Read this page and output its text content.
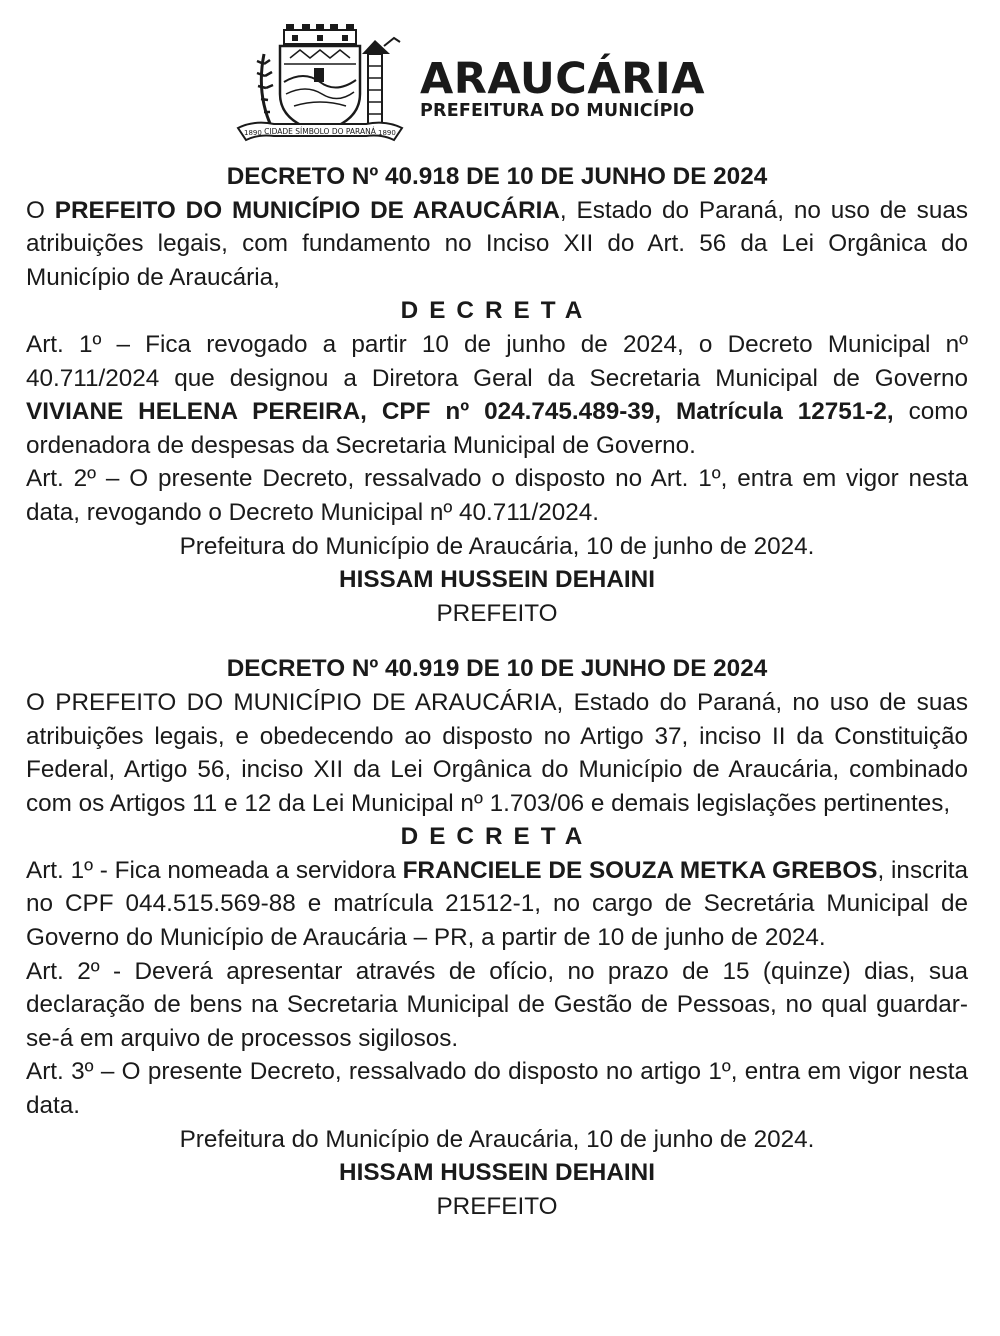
1890 CIDADE SÍMBOLO DO PARANÁ 1890
ARAUCÁRIA
PREFEITURA DO MUNICÍPIO
DECRETO Nº 40.918 DE 10 DE JUNHO DE 2024

O PREFEITO DO MUNICÍPIO DE ARAUCÁRIA, Estado do Paraná, no uso de suas atribuições legais, com fundamento no Inciso XII do Art. 56 da Lei Orgânica do Município de Araucária,

DECRETA

Art. 1º – Fica revogado a partir 10 de junho de 2024, o Decreto Municipal nº 40.711/2024 que designou a Diretora Geral da Secretaria Municipal de Governo VIVIANE HELENA PEREIRA, CPF nº 024.745.489-39, Matrícula 12751-2, como ordenadora de despesas da Secretaria Municipal de Governo.

Art. 2º – O presente Decreto, ressalvado o disposto no Art. 1º, entra em vigor nesta data, revogando o Decreto Municipal nº 40.711/2024.

Prefeitura do Município de Araucária, 10 de junho de 2024.

HISSAM HUSSEIN DEHAINI

PREFEITO

DECRETO Nº 40.919 DE 10 DE JUNHO DE 2024

O PREFEITO DO MUNICÍPIO DE ARAUCÁRIA, Estado do Paraná, no uso de suas atribuições legais, e obedecendo ao disposto no Artigo 37, inciso II da Constituição Federal, Artigo 56, inciso XII da Lei Orgânica do Município de Araucária, combinado com os Artigos 11 e 12 da Lei Municipal nº 1.703/06 e demais legislações pertinentes,

DECRETA

Art. 1º - Fica nomeada a servidora FRANCIELE DE SOUZA METKA GREBOS, inscrita no CPF 044.515.569-88 e matrícula 21512-1, no cargo de Secretária Municipal de Governo do Município de Araucária – PR, a partir de 10 de junho de 2024.

Art. 2º - Deverá apresentar através de ofício, no prazo de 15 (quinze) dias, sua declaração de bens na Secretaria Municipal de Gestão de Pessoas, no qual guardar-se-á em arquivo de processos sigilosos.

Art. 3º – O presente Decreto, ressalvado do disposto no artigo 1º, entra em vigor nesta data.

Prefeitura do Município de Araucária, 10 de junho de 2024.

HISSAM HUSSEIN DEHAINI

PREFEITO
